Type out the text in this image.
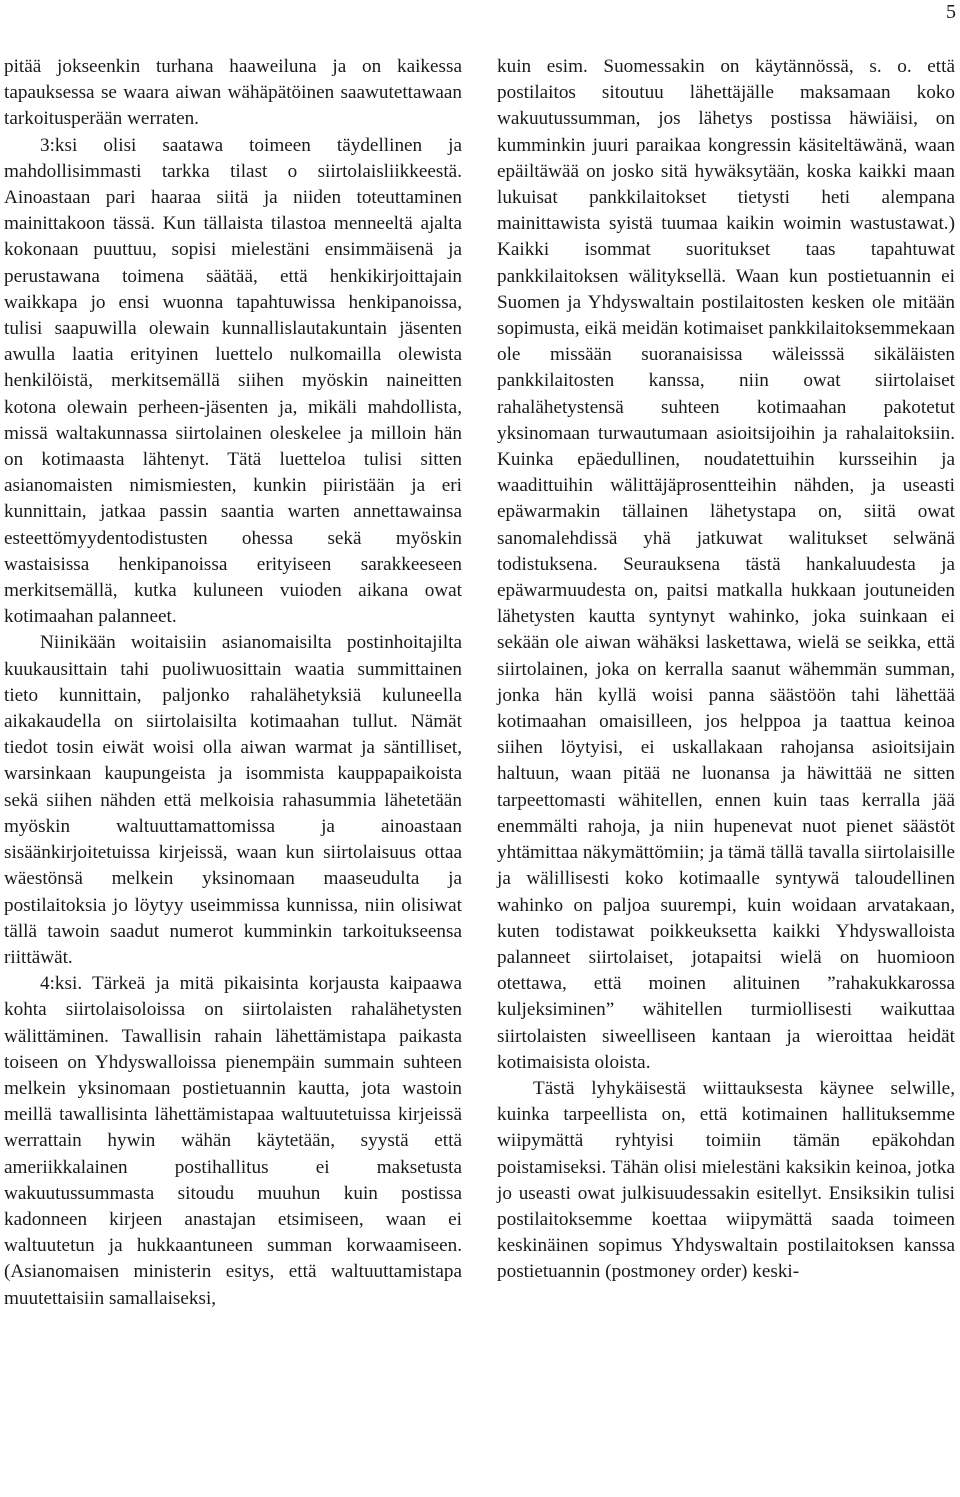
5

pitää jokseenkin turhana haaweiluna ja on kaikessa tapauksessa se waara aiwan wähäpätöinen saawutettawaan tarkoitusperään werraten.

3:ksi olisi saatawa toimeen täydellinen ja mahdollisimmasti tarkka tilast o siirtolaisliikkeestä. Ainoastaan pari haaraa siitä ja niiden toteuttaminen mainittakoon tässä. Kun tällaista tilastoa menneeltä ajalta kokonaan puuttuu, sopisi mielestäni ensimmäisenä ja perustawana toimena säätää, että henkikirjoittajain waikkapa jo ensi wuonna tapahtuwissa henkipanoissa, tulisi saapuwilla olewain kunnallislautakuntain jäsenten awulla laatia erityinen luettelo nulkomailla olewista henkilöistä, merkitsemällä siihen myöskin naineitten kotona olewain perheen-jäsenten ja, mikäli mahdollista, missä waltakunnassa siirtolainen oleskelee ja milloin hän on kotimaasta lähtenyt. Tätä luetteloa tulisi sitten asianomaisten nimismiesten, kunkin piiristään ja eri kunnittain, jatkaa passin saantia warten annettawainsa esteettömyydentodistusten ohessa sekä myöskin wastaisissa henkipanoissa erityiseen sarakkeeseen merkitsemällä, kutka kuluneen vuioden aikana owat kotimaahan palanneet.

Niinikään woitaisiin asianomaisilta postinhoitajilta kuukausittain tahi puoliwuosittain waatia summittainen tieto kunnittain, paljonko rahalähetyksiä kuluneella aikakaudella on siirtolaisilta kotimaahan tullut. Nämät tiedot tosin eiwät woisi olla aiwan warmat ja säntilliset, warsinkaan kaupungeista ja isommista kauppapaikoista sekä siihen nähden että melkoisia rahasummia lähetetään myöskin waltuuttamattomissa ja ainoastaan sisäänkirjoitetuissa kirjeissä, waan kun siirtolaisuus ottaa wäestönsä melkein yksinomaan maaseudulta ja postilaitoksia jo löytyy useimmissa kunnissa, niin olisiwat tällä tawoin saadut numerot kumminkin tarkoitukseensa riittäwät.

4:ksi. Tärkeä ja mitä pikaisinta korjausta kaipaawa kohta siirtolaisoloissa on siirtolaisten rahalähetysten wälittäminen. Tawallisin rahain lähettämistapa paikasta toiseen on Yhdyswalloissa pienempäin summain suhteen melkein yksinomaan postietuannin kautta, jota wastoin meillä tawallisinta lähettämistapaa waltuutetuissa kirjeissä werrattain hywin wähän käytetään, syystä että ameriikkalainen postihallitus ei maksetusta wakuutussummasta sitoudu muuhun kuin postissa kadonneen kirjeen anastajan etsimiseen, waan ei waltuutetun ja hukkaantuneen summan korwaamiseen. (Asianomaisen ministerin esitys, että waltuuttamistapa muutettaisiin samallaiseksi,

kuin esim. Suomessakin on käytännössä, s. o. että postilaitos sitoutuu lähettäjälle maksamaan koko wakuutussumman, jos lähetys postissa häwiäisi, on kumminkin juuri paraikaa kongressin käsiteltäwänä, waan epäiltäwää on josko sitä hywäksytään, koska kaikki maan lukuisat pankkilaitokset tietysti heti alempana mainittawista syistä tuumaa kaikin woimin wastustawat.) Kaikki isommat suoritukset taas tapahtuwat pankkilaitoksen wälityksellä. Waan kun postietuannin ei Suomen ja Yhdyswaltain postilaitosten kesken ole mitään sopimusta, eikä meidän kotimaiset pankkilaitoksemmekaan ole missään suoranaisissa wäleisssä sikäläisten pankkilaitosten kanssa, niin owat siirtolaiset rahalähetystensä suhteen kotimaahan pakotetut yksinomaan turwautumaan asioitsijoihin ja rahalaitoksiin. Kuinka epäedullinen, noudatettuihin kursseihin ja waadittuihin wälittäjäprosentteihin nähden, ja useasti epäwarmakin tällainen lähetystapa on, siitä owat sanomalehdissä yhä jatkuwat walitukset selwänä todistuksena. Seurauksena tästä hankaluudesta ja epäwarmuudesta on, paitsi matkalla hukkaan joutuneiden lähetysten kautta syntynyt wahinko, joka suinkaan ei sekään ole aiwan wähäksi laskettawa, wielä se seikka, että siirtolainen, joka on kerralla saanut wähemmän summan, jonka hän kyllä woisi panna säästöön tahi lähettää kotimaahan omaisilleen, jos helppoa ja taattua keinoa siihen löytyisi, ei uskallakaan rahojansa asioitsijain haltuun, waan pitää ne luonansa ja häwittää ne sitten tarpeettomasti wähitellen, ennen kuin taas kerralla jää enemmälti rahoja, ja niin hupenevat nuot pienet säästöt yhtämittaa näkymättömiin; ja tämä tällä tavalla siirtolaisille ja wälillisesti koko kotimaalle syntywä taloudellinen wahinko on paljoa suurempi, kuin woidaan arvatakaan, kuten todistawat poikkeuksetta kaikki Yhdyswalloista palanneet siirtolaiset, jotapaitsi wielä on huomioon otettawa, että moinen alituinen ”rahakukkarossa kuljeksiminen” wähitellen turmiollisesti waikuttaa siirtolaisten siweelliseen kantaan ja wieroittaa heidät kotimaisista oloista.

Tästä lyhykäisestä wiittauksesta käynee selwille, kuinka tarpeellista on, että kotimainen hallituksemme wiipymättä ryhtyisi toimiin tämän epäkohdan poistamiseksi. Tähän olisi mielestäni kaksikin keinoa, jotka jo useasti owat julkisuudessakin esitellyt. Ensiksikin tulisi postilaitoksemme koettaa wiipymättä saada toimeen keskinäinen sopimus Yhdyswaltain postilaitoksen kanssa postietuannin (postmoney order) keski-
